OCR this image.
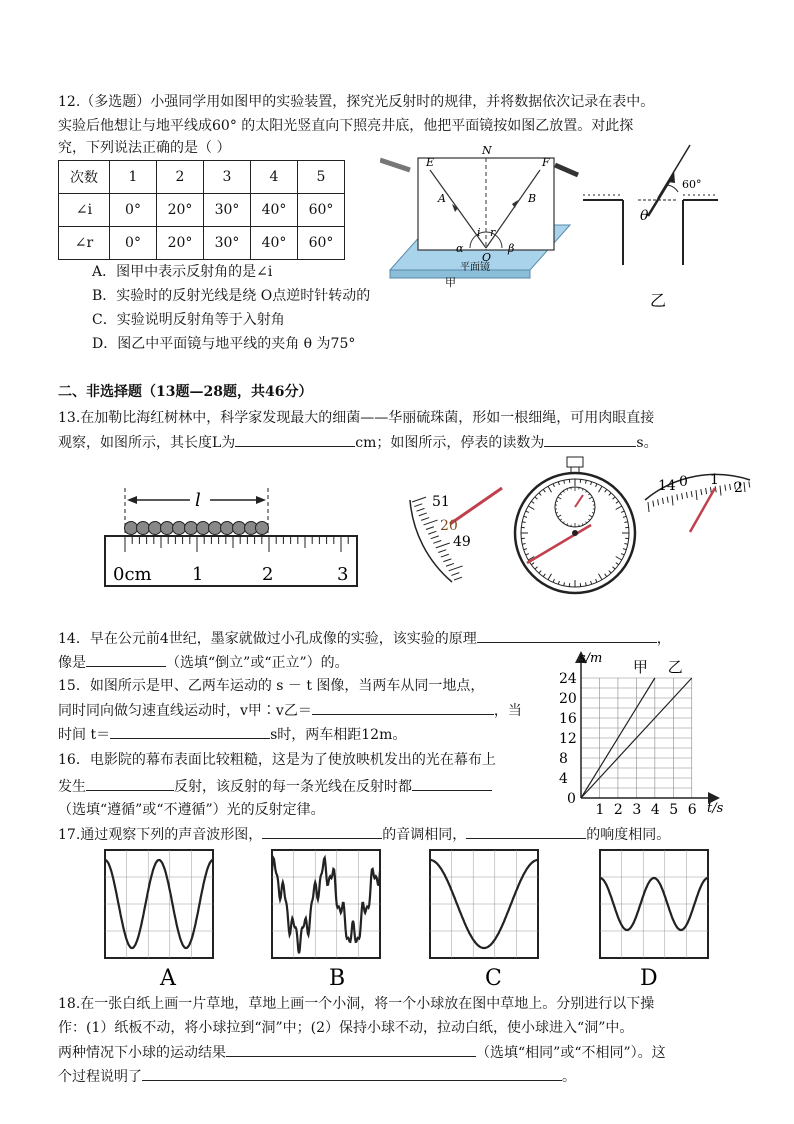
12.（多选题）小强同学用如图甲的实验装置，探究光反射时的规律，并将数据依次记录在表中。
实验后他想让与地平线成60° 的太阳光竖直向下照亮井底，他把平面镜按如图乙放置。对此探
究，下列说法正确的是（ ）
次数	1	2	3	4	5
∠i	0°	20°	30°	40°	60°
∠r	0°	20°	30°	40°	60°
A．图甲中表示反射角的是∠i
B．实验时的反射光线是绕 O点逆时针转动的
C．实验说明反射角等于入射角
D．图乙中平面镜与地平线的夹角 θ 为75°
E
N
F
A	B
i r
α	β
O
平面镜
甲
60°
θ
乙
二、非选择题（13题—28题，共46分）
13.在加勒比海红树林中，科学家发现最大的细菌——华丽硫珠菌，形如一根细绳，可用肉眼直接
观察，如图所示，其长度L为	cm；如图所示，停表的读数为	s。
l
0cm 1	2	3
51
20
49
14 0 1 2
14．早在公元前4世纪，墨家就做过小孔成像的实验，该实验的原理	，
像是	（选填“倒立”或“正立”）的。
15．如图所示是甲、乙两车运动的 s － t 图像，当两车从同一地点，
同时同向做匀速直线运动时，v甲∶v乙＝	，当
时间 t＝	s时，两车相距12m。
16．电影院的幕布表面比较粗糙，这是为了使放映机发出的光在幕布上
发生	反射，该反射的每一条光线在反射时都
（选填“遵循”或“不遵循”）光的反射定律。
4
8
12
16
20
24
1 2 3 4 5 6
0
s/m
t/s
甲 乙
17.通过观察下列的声音波形图，	的音调相同，	的响度相同。
A	B	C	D
18.在一张白纸上画一片草地，草地上画一个小洞，将一个小球放在图中草地上。分别进行以下操
作：(1）纸板不动，将小球拉到“洞”中；(2）保持小球不动，拉动白纸，使小球进入“洞”中。
两种情况下小球的运动结果	（选填“相同”或“不相同”）。这
个过程说明了	。
